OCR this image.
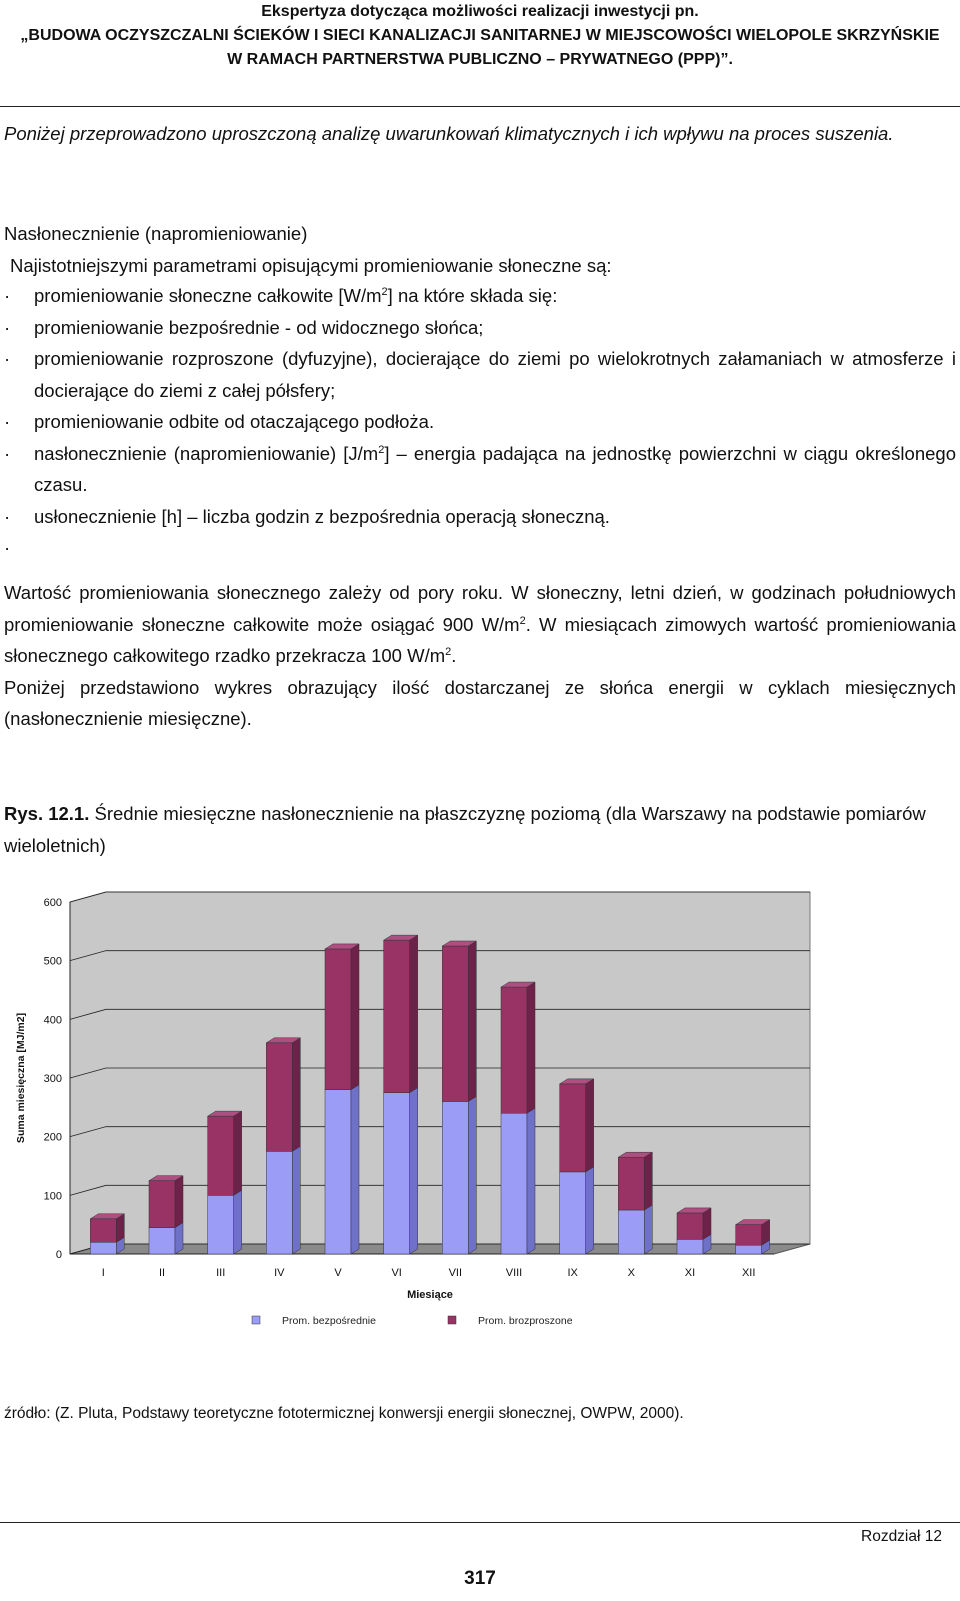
Ekspertyza dotycząca możliwości realizacji inwestycji pn.
„BUDOWA OCZYSZCZALNI ŚCIEKÓW I SIECI KANALIZACJI SANITARNEJ W MIEJSCOWOŚCI WIELOPOLE SKRZYŃSKIE
W RAMACH PARTNERSTWA PUBLICZNO – PRYWATNEGO (PPP)”.
Poniżej przeprowadzono uproszczoną analizę uwarunkowań klimatycznych i ich wpływu na proces suszenia.
Nasłonecznienie (napromieniowanie)
Najistotniejszymi parametrami opisującymi promieniowanie słoneczne są:
·	promieniowanie słoneczne całkowite $[W/m^2]$ na które składa się:
·	promieniowanie bezpośrednie - od widocznego słońca;
·	promieniowanie rozproszone (dyfuzyjne), docierające do ziemi po wielokrotnych załamaniach w atmosferze i docierające do ziemi z całej półsfery;
·	promieniowanie odbite od otaczającego podłoża.
·	nasłonecznienie (napromieniowanie) $[J/m^2]$ – energia padająca na jednostkę powierzchni w ciągu określonego czasu.
·	usłonecznienie [h] – liczba godzin z bezpośrednia operacją słoneczną.
·
Wartość promieniowania słonecznego zależy od pory roku. W słoneczny, letni dzień, w godzinach południowych promieniowanie słoneczne całkowite może osiągać 900 $W/m^2$. W miesiącach zimowych wartość promieniowania słonecznego całkowitego rzadko przekracza 100 $W/m^2$.
Poniżej przedstawiono wykres obrazujący ilość dostarczanej ze słońca energii w cyklach miesięcznych (nasłonecznienie miesięczne).
Rys. 12.1. Średnie miesięczne nasłonecznienie na płaszczyznę poziomą (dla Warszawy na podstawie pomiarów wieloletnich)
0
100
200
300
400
500
600
I	II	III	IV	V	VI	VII	VIII	IX	X	XI	XII
Miesiące
Suma miesięczna [MJ/m2]
Prom. bezpośrednie	Prom. brozproszone
źródło: (Z. Pluta, Podstawy teoretyczne fototermicznej konwersji energii słonecznej, OWPW, 2000).
Rozdział 12
317
